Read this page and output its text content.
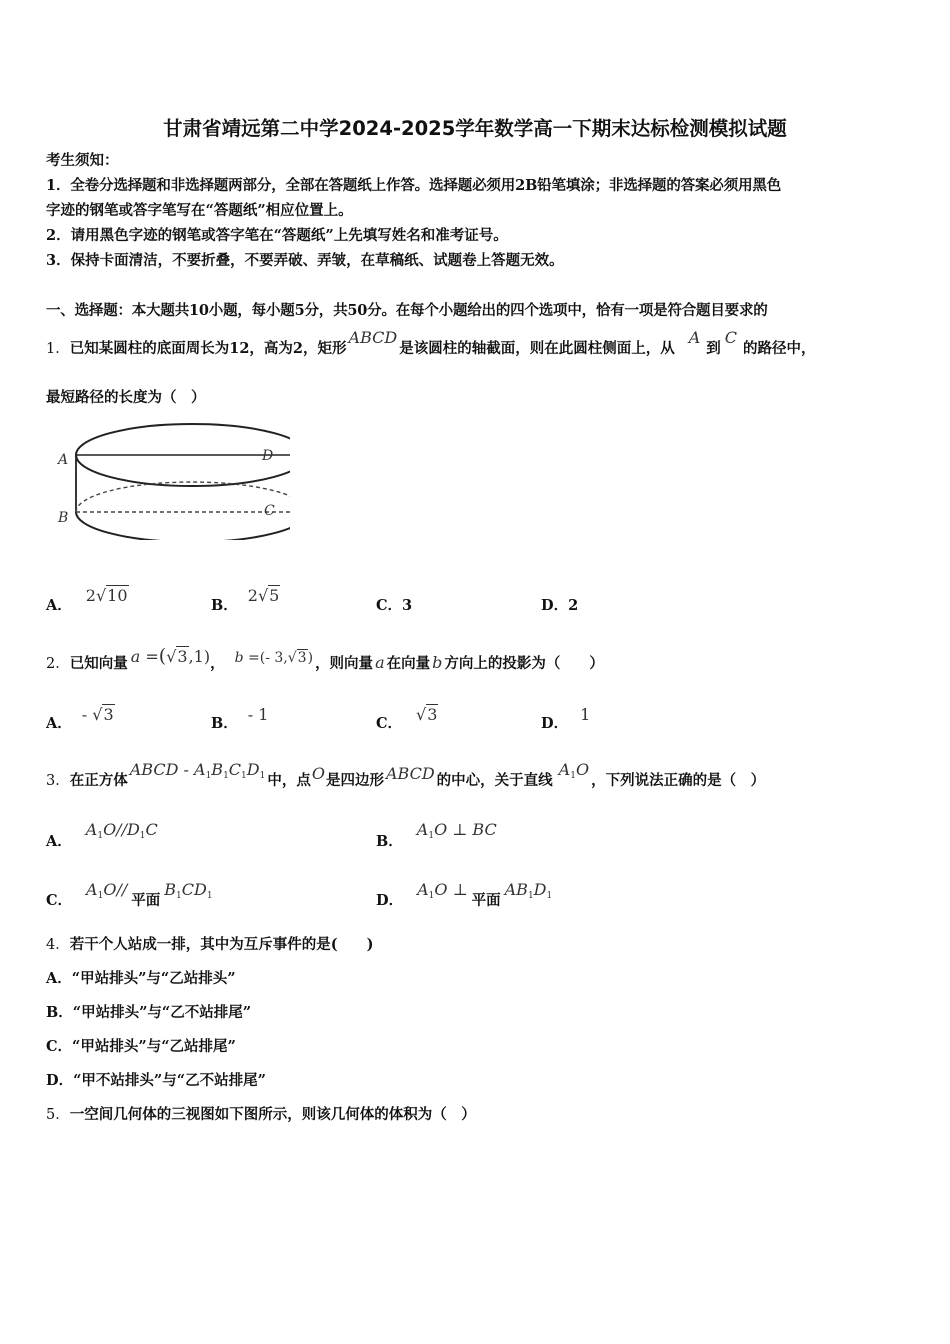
甘肃省靖远第二中学2024-2025学年数学高一下期末达标检测模拟试题
考生须知：
1．全卷分选择题和非选择题两部分，全部在答题纸上作答。选择题必须用2B铅笔填涂；非选择题的答案必须用黑色
字迹的钢笔或答字笔写在“答题纸”相应位置上。
2．请用黑色字迹的钢笔或答字笔在“答题纸”上先填写姓名和准考证号。
3．保持卡面清洁，不要折叠，不要弄破、弄皱，在草稿纸、试题卷上答题无效。
一、选择题：本大题共10小题，每小题5分，共50分。在每个小题给出的四个选项中，恰有一项是符合题目要求的
1．已知某圆柱的底面周长为12，高为2，矩形ABCD是该圆柱的轴截面，则在此圆柱侧面上，从A到C的路径中，
最短路径的长度为（　）
A
B	C
D
A．2√10
B．2√5
C．3	D．2
2．已知向量 a =(√3,1)， b =(- 3,√3) ，则向量 a 在向量 b 方向上的投影为（　　）
A． - √3	B． - 1	C． √3	D． 1
3．在正方体ABCD - $A_1B_1C_1D_1$ 中，点O是四边形 ABCD 的中心，关于直线$A_1O$，下列说法正确的是（　）
A．$A_1O//D_1C$
B．$A_1O$ ⊥ BC
C．$A_1O//$平面$B_1CD_1$	D．$A_1O$ ⊥平面$AB_1D_1$
4．若干个人站成一排，其中为互斥事件的是(　　)
A．“甲站排头”与“乙站排头”
B．“甲站排头”与“乙不站排尾”
C．“甲站排头”与“乙站排尾”
D．“甲不站排头”与“乙不站排尾”
5．一空间几何体的三视图如下图所示，则该几何体的体积为（　）
